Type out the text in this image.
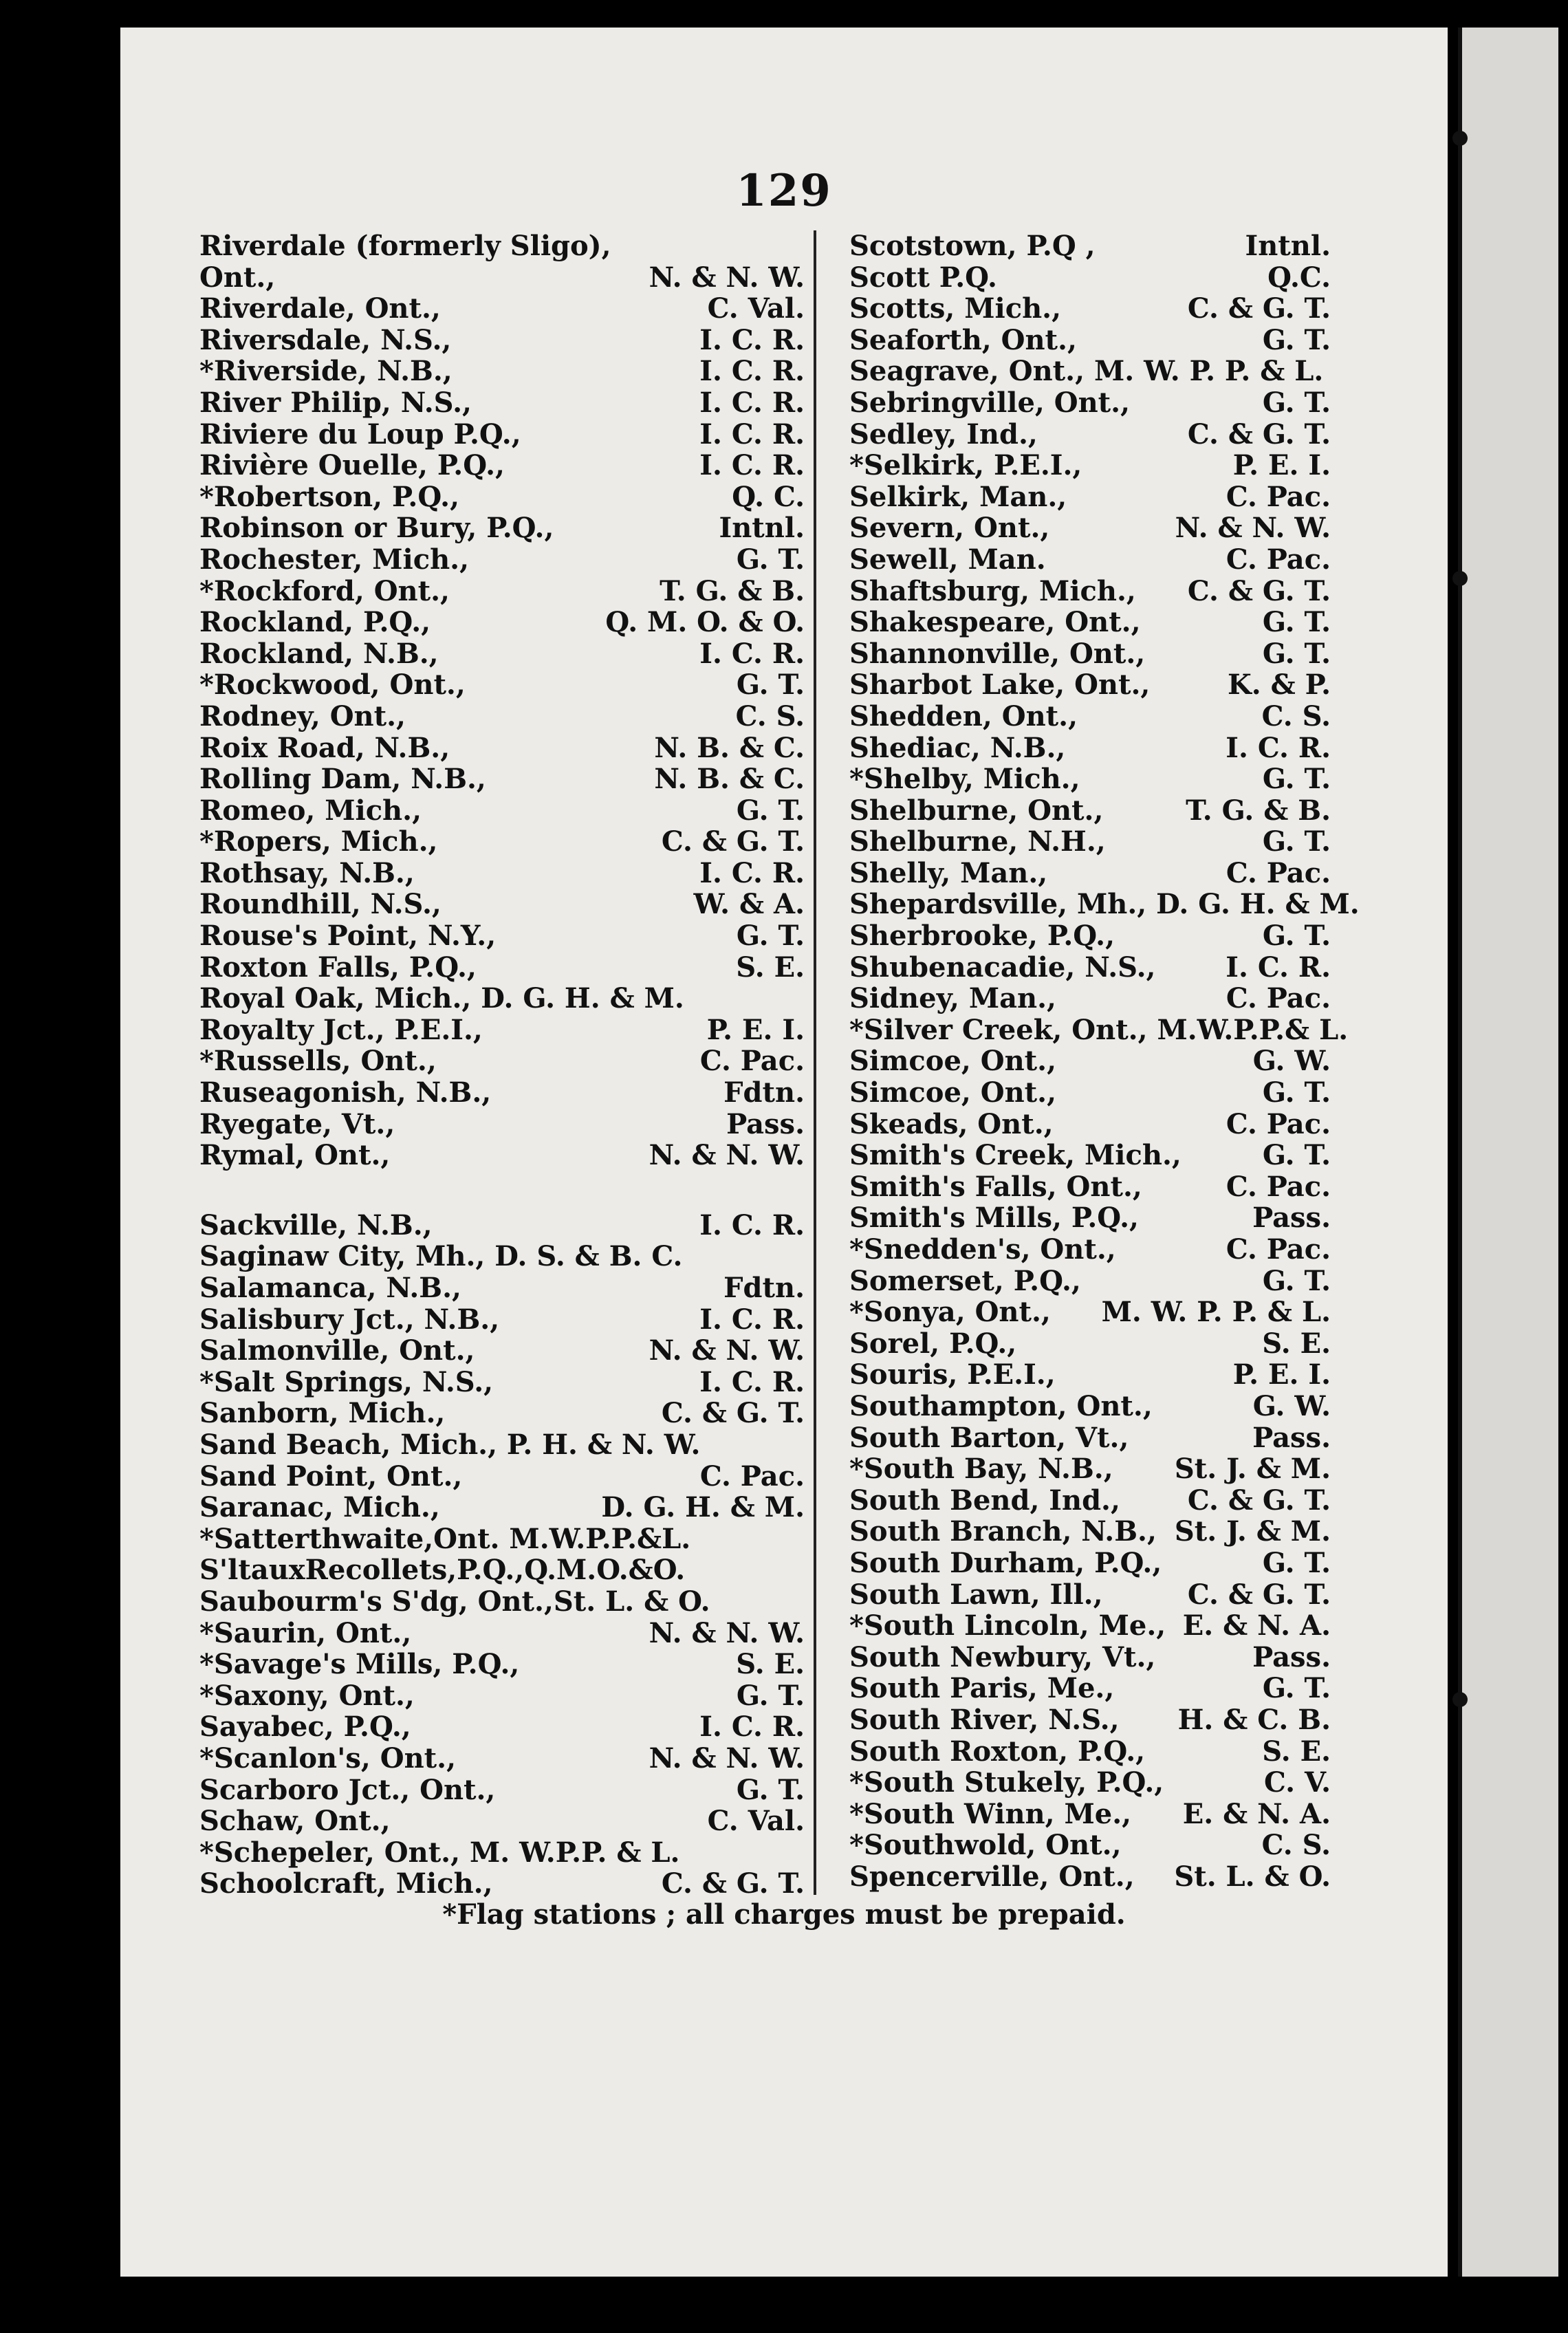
129
Riverdale (formerly Sligo),
Ont.,	N. & N. W.
Riverdale, Ont.,	C. Val.
Riversdale, N.S.,	I. C. R.
*Riverside, N.B.,	I. C. R.
River Philip, N.S.,	I. C. R.
Riviere du Loup P.Q.,	I. C. R.
Rivière Ouelle, P.Q.,	I. C. R.
*Robertson, P.Q.,	Q. C.
Robinson or Bury, P.Q.,	Intnl.
Rochester, Mich.,	G. T.
*Rockford, Ont.,	T. G. & B.
Rockland, P.Q.,	Q. M. O. & O.
Rockland, N.B.,	I. C. R.
*Rockwood, Ont.,	G. T.
Rodney, Ont.,	C. S.
Roix Road, N.B.,	N. B. & C.
Rolling Dam, N.B.,	N. B. & C.
Romeo, Mich.,	G. T.
*Ropers, Mich.,	C. & G. T.
Rothsay, N.B.,	I. C. R.
Roundhill, N.S.,	W. & A.
Rouse's Point, N.Y.,	G. T.
Roxton Falls, P.Q.,	S. E.
Royal Oak, Mich., D. G. H. & M.
Royalty Jct., P.E.I.,	P. E. I.
*Russells, Ont.,	C. Pac.
Ruseagonish, N.B.,	Fdtn.
Ryegate, Vt.,	Pass.
Rymal, Ont.,	N. & N. W.
Sackville, N.B.,	I. C. R.
Saginaw City, Mh., D. S. & B. C.
Salamanca, N.B.,	Fdtn.
Salisbury Jct., N.B.,	I. C. R.
Salmonville, Ont.,	N. & N. W.
*Salt Springs, N.S.,	I. C. R.
Sanborn, Mich.,	C. & G. T.
Sand Beach, Mich., P. H. & N. W.
Sand Point, Ont.,	C. Pac.
Saranac, Mich.,	D. G. H. & M.
*Satterthwaite,Ont. M.W.P.P.&L.
S'ltauxRecollets,P.Q.,Q.M.O.&O.
Saubourm's S'dg, Ont.,St. L. & O.
*Saurin, Ont.,	N. & N. W.
*Savage's Mills, P.Q.,	S. E.
*Saxony, Ont.,	G. T.
Sayabec, P.Q.,	I. C. R.
*Scanlon's, Ont.,	N. & N. W.
Scarboro Jct., Ont.,	G. T.
Schaw, Ont.,	C. Val.
*Schepeler, Ont., M. W.P.P. & L.
Schoolcraft, Mich.,	C. & G. T.
Scotstown, P.Q ,	Intnl.
Scott P.Q.	Q.C.
Scotts, Mich.,	C. & G. T.
Seaforth, Ont.,	G. T.
Seagrave, Ont., M. W. P. P. & L.
Sebringville, Ont.,	G. T.
Sedley, Ind.,	C. & G. T.
*Selkirk, P.E.I.,	P. E. I.
Selkirk, Man.,	C. Pac.
Severn, Ont.,	N. & N. W.
Sewell, Man.	C. Pac.
Shaftsburg, Mich.,	C. & G. T.
Shakespeare, Ont.,	G. T.
Shannonville, Ont.,	G. T.
Sharbot Lake, Ont.,	K. & P.
Shedden, Ont.,	C. S.
Shediac, N.B.,	I. C. R.
*Shelby, Mich.,	G. T.
Shelburne, Ont.,	T. G. & B.
Shelburne, N.H.,	G. T.
Shelly, Man.,	C. Pac.
Shepardsville, Mh., D. G. H. & M.
Sherbrooke, P.Q.,	G. T.
Shubenacadie, N.S.,	I. C. R.
Sidney, Man.,	C. Pac.
*Silver Creek, Ont., M.W.P.P.& L.
Simcoe, Ont.,	G. W.
Simcoe, Ont.,	G. T.
Skeads, Ont.,	C. Pac.
Smith's Creek, Mich.,	G. T.
Smith's Falls, Ont.,	C. Pac.
Smith's Mills, P.Q.,	Pass.
*Snedden's, Ont.,	C. Pac.
Somerset, P.Q.,	G. T.
*Sonya, Ont.,	M. W. P. P. & L.
Sorel, P.Q.,	S. E.
Souris, P.E.I.,	P. E. I.
Southampton, Ont.,	G. W.
South Barton, Vt.,	Pass.
*South Bay, N.B.,	St. J. & M.
South Bend, Ind.,	C. & G. T.
South Branch, N.B., St. J. & M.
South Durham, P.Q.,	G. T.
South Lawn, Ill.,	C. & G. T.
*South Lincoln, Me., E. & N. A.
South Newbury, Vt.,	Pass.
South Paris, Me.,	G. T.
South River, N.S.,	H. & C. B.
South Roxton, P.Q.,	S. E.
*South Stukely, P.Q.,	C. V.
*South Winn, Me.,	E. & N. A.
*Southwold, Ont.,	C. S.
Spencerville, Ont.,	St. L. & O.
*Flag stations ; all charges must be prepaid.
